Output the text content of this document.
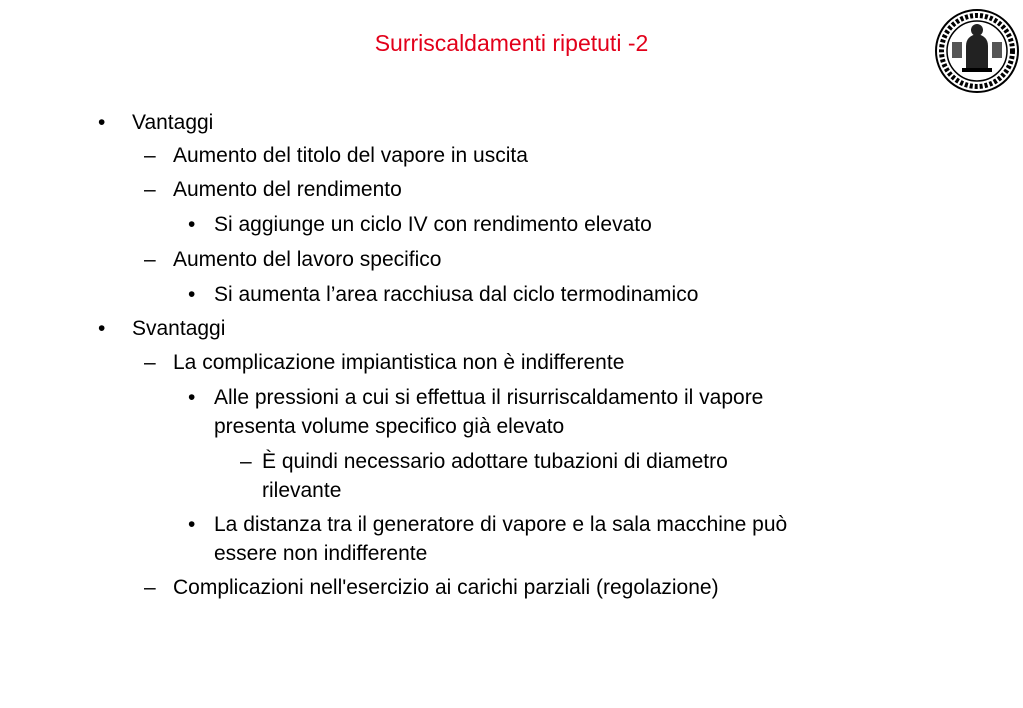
Surriscaldamenti ripetuti -2
• Vantaggi
– Aumento del titolo del vapore in uscita
– Aumento del rendimento
• Si aggiunge un ciclo IV con rendimento elevato
– Aumento del lavoro specifico
• Si aumenta l’area racchiusa dal ciclo termodinamico
• Svantaggi
– La complicazione impiantistica non è indifferente
• Alle pressioni a cui si effettua il risurriscaldamento il vapore
presenta volume specifico già elevato
– È quindi necessario adottare tubazioni di diametro
rilevante
• La distanza tra il generatore di vapore e la sala macchine può
essere non indifferente
– Complicazioni nell'esercizio ai carichi parziali (regolazione)
